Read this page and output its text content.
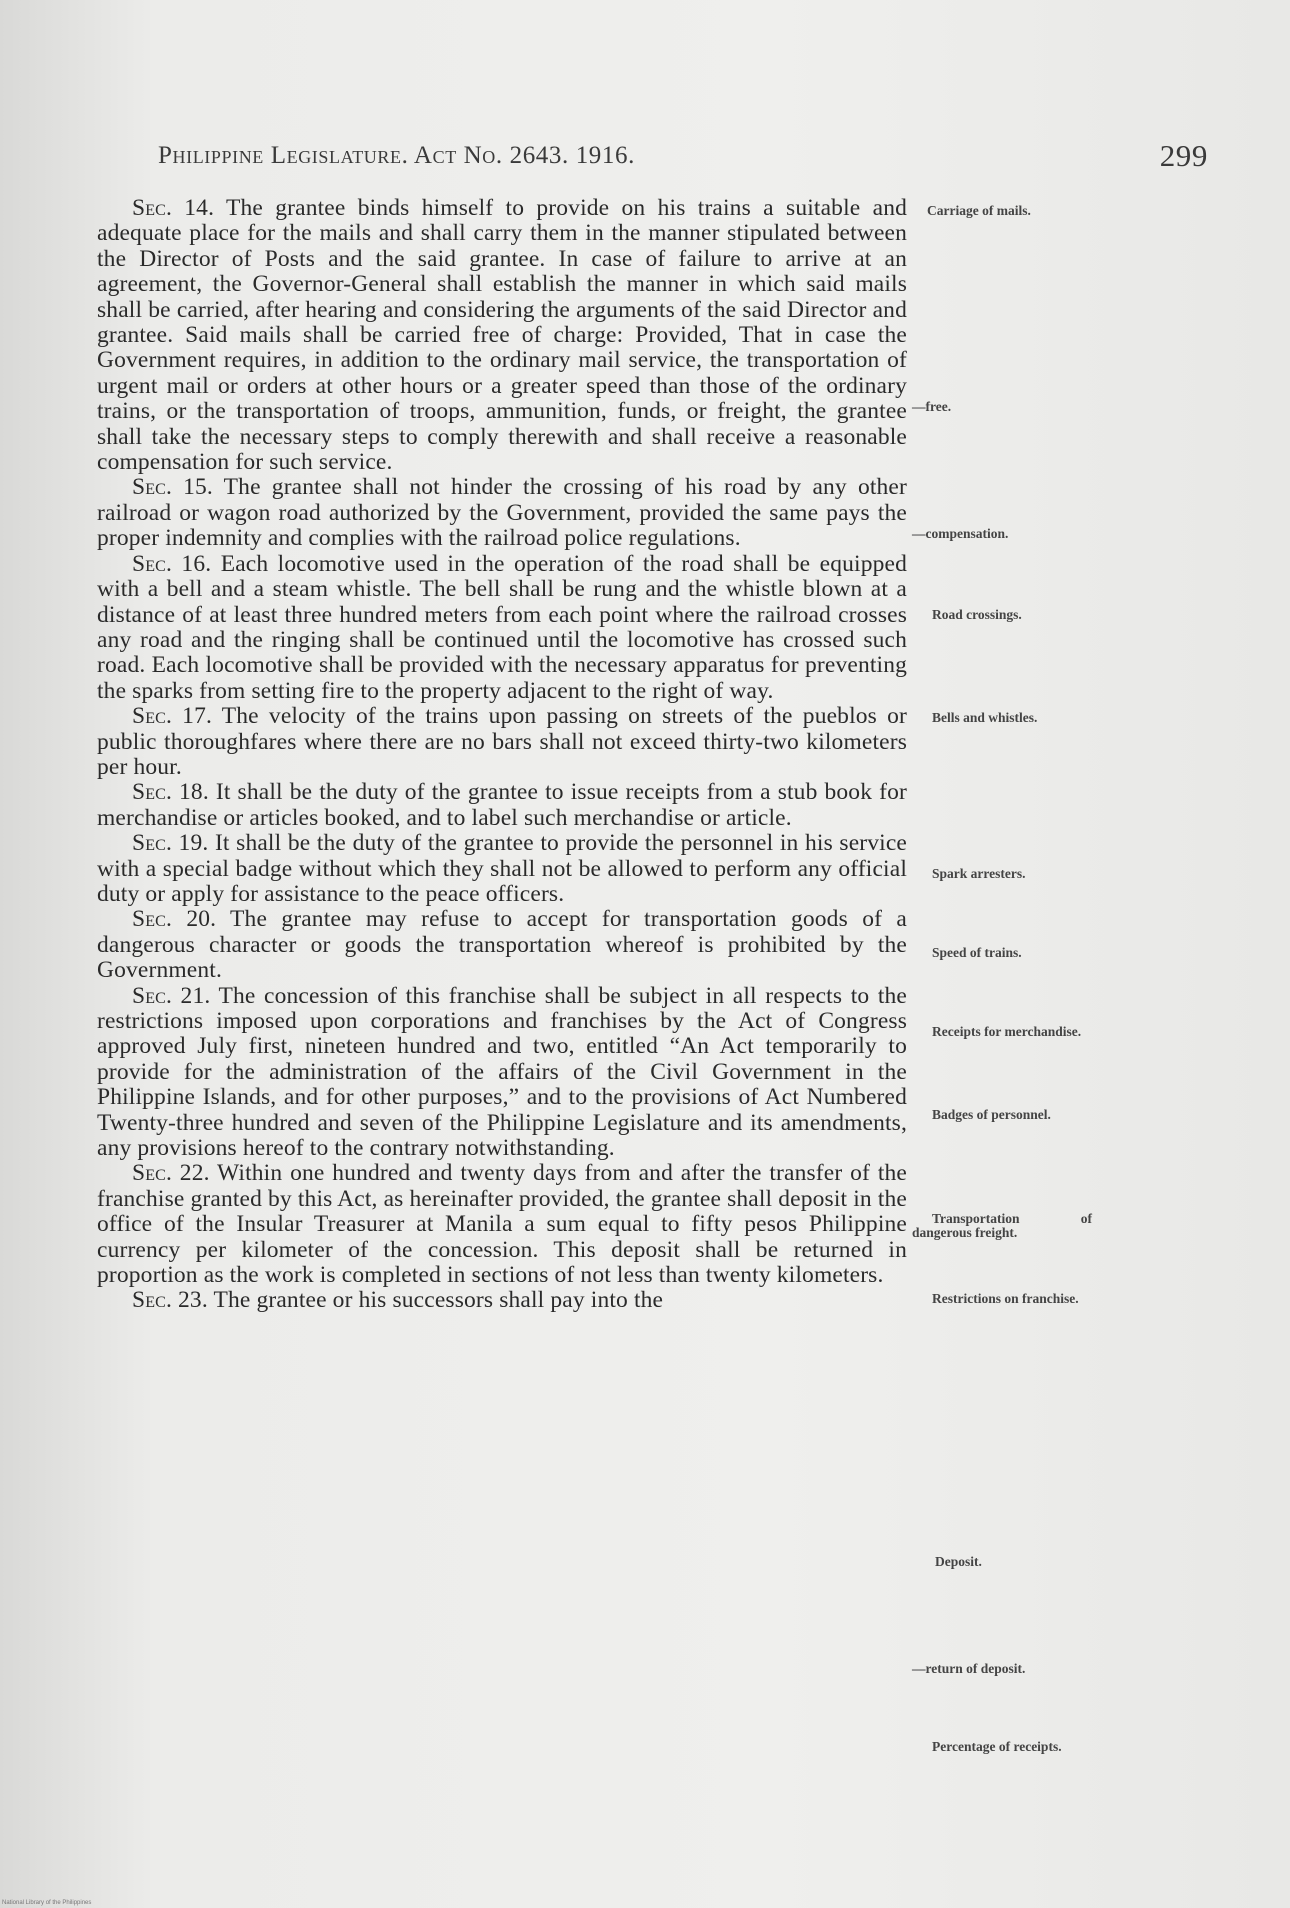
Philippine Legislature. Act No. 2643. 1916.	299

Sec. 14. The grantee binds himself to provide on his trains a suitable and adequate place for the mails and shall carry them in the manner stipulated between the Director of Posts and the said grantee. In case of failure to arrive at an agreement, the Governor-General shall establish the manner in which said mails shall be carried, after hearing and considering the arguments of the said Director and grantee. Said mails shall be carried free of charge: Provided, That in case the Government requires, in addition to the ordinary mail service, the transportation of urgent mail or orders at other hours or a greater speed than those of the ordinary trains, or the transportation of troops, ammunition, funds, or freight, the grantee shall take the necessary steps to comply therewith and shall receive a reasonable compensation for such service.

Sec. 15. The grantee shall not hinder the crossing of his road by any other railroad or wagon road authorized by the Government, provided the same pays the proper indemnity and complies with the railroad police regulations.

Sec. 16. Each locomotive used in the operation of the road shall be equipped with a bell and a steam whistle. The bell shall be rung and the whistle blown at a distance of at least three hundred meters from each point where the railroad crosses any road and the ringing shall be continued until the locomotive has crossed such road. Each locomotive shall be provided with the necessary apparatus for preventing the sparks from setting fire to the property adjacent to the right of way.

Sec. 17. The velocity of the trains upon passing on streets of the pueblos or public thoroughfares where there are no bars shall not exceed thirty-two kilometers per hour.

Sec. 18. It shall be the duty of the grantee to issue receipts from a stub book for merchandise or articles booked, and to label such merchandise or article.

Sec. 19. It shall be the duty of the grantee to provide the personnel in his service with a special badge without which they shall not be allowed to perform any official duty or apply for assistance to the peace officers.

Sec. 20. The grantee may refuse to accept for transportation goods of a dangerous character or goods the transportation whereof is prohibited by the Government.

Sec. 21. The concession of this franchise shall be subject in all respects to the restrictions imposed upon corporations and franchises by the Act of Congress approved July first, nineteen hundred and two, entitled “An Act temporarily to provide for the administration of the affairs of the Civil Government in the Philippine Islands, and for other purposes,” and to the provisions of Act Numbered Twenty-three hundred and seven of the Philippine Legislature and its amendments, any provisions hereof to the contrary notwithstanding.

Sec. 22. Within one hundred and twenty days from and after the transfer of the franchise granted by this Act, as hereinafter provided, the grantee shall deposit in the office of the Insular Treasurer at Manila a sum equal to fifty pesos Philippine currency per kilometer of the concession. This deposit shall be returned in proportion as the work is completed in sections of not less than twenty kilometers.

Sec. 23. The grantee or his successors shall pay into the

Carriage of mails.
—free.
—compensation.
Road crossings.
Bells and whistles.
Spark arresters.
Speed of trains.
Receipts for merchandise.
Badges of personnel.
Transportation of dangerous freight.
Restrictions on franchise.
Deposit.
—return of deposit.
Percentage of receipts.
National Library of the Philippines
